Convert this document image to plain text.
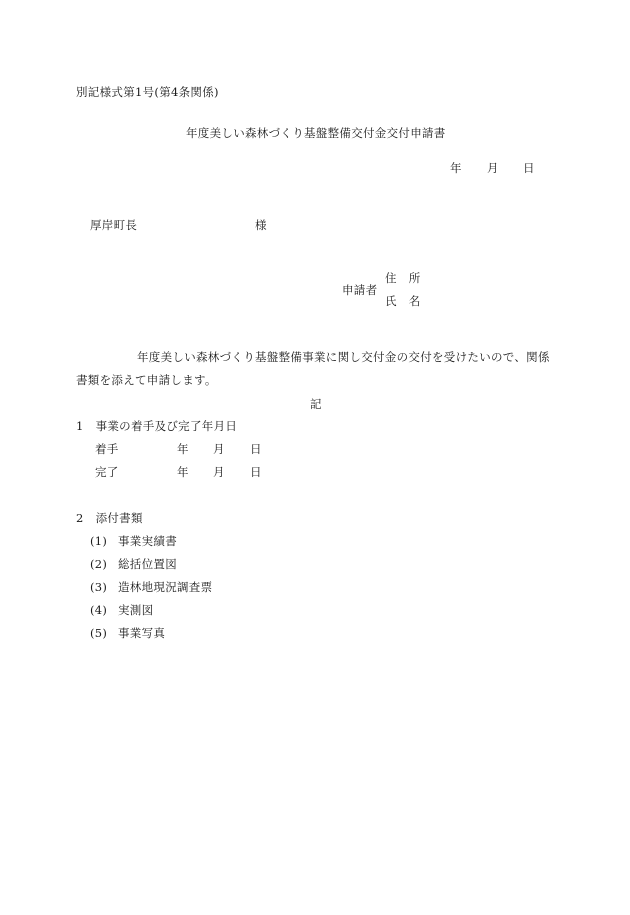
別記様式第1号(第4条関係)
年度美しい森林づくり基盤整備交付金交付申請書
年 月 日
厚岸町長	様
申請者
住 所
氏 名
年度美しい森林づくり基盤整備事業に関し交付金の交付を受けたいので、関係
書類を添えて申請します。
記
1 事業の着手及び完了年月日
着手	年 月 日
完了	年 月 日
2 添付書類
(1) 事業実績書
(2) 総括位置図
(3) 造林地現況調査票
(4) 実測図
(5) 事業写真
